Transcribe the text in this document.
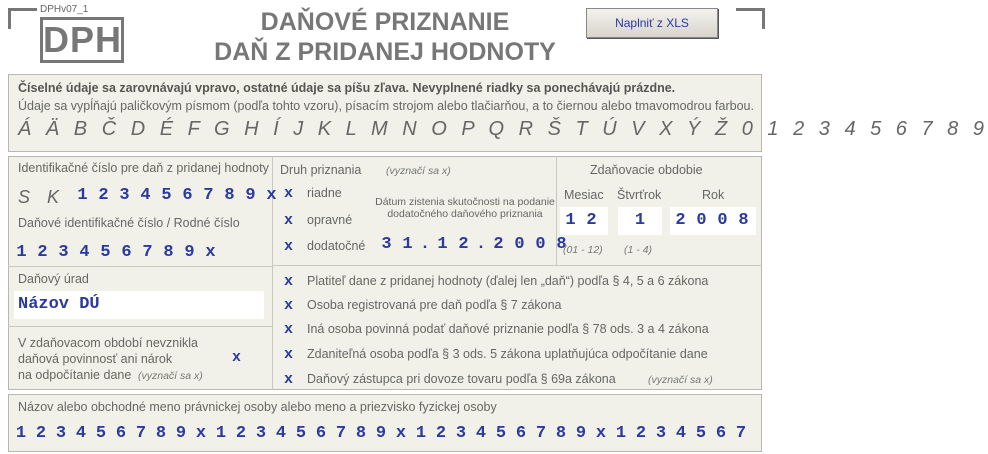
DPHv07_1
DPH	DAŇOVÉ PRIZNANIE
DAŇ Z PRIDANEJ HODNOTY
Naplniť z XLS
Číselné údaje sa zarovnávajú vpravo, ostatné údaje sa píšu zľava. Nevyplnené riadky sa ponechávajú prázdne.
Údaje sa vypĺňajú paličkovým písmom (podľa tohto vzoru), písacím strojom alebo tlačiarňou, a to čiernou alebo tmavomodrou farbou.
Á Ä B Č D É F G H Í J K L M N O P Q R Š T Ú V X Ý Ž 0 1 2 3 4 5 6 7 8 9
Identifikačné číslo pre daň z pridanej hodnoty
S K 1 2 3 4 5 6 7 8 9 x
Daňové identifikačné číslo / Rodné číslo
1 2 3 4 5 6 7 8 9 x
Daňový úrad
Názov DÚ
V zdaňovacom období nevznikla
daňová povinnosť ani nárok
na odpočítanie dane (vyznačí sa x)
x
Druh priznania (vyznačí sa x)
x riadne
x opravné
x dodatočné
Dátum zistenia skutočnosti na podanie dodatočného daňového priznania
3 1 . 1 2 . 2 0 0 8
Zdaňovacie obdobie
Mesiac Štvrťrok	Rok
1 2	1	2 0 0 8
(01 - 12) (1 - 4)
x Platiteľ dane z pridanej hodnoty (ďalej len „daň“) podľa § 4, 5 a 6 zákona
x Osoba registrovaná pre daň podľa § 7 zákona
x Iná osoba povinná podať daňové priznanie podľa § 78 ods. 3 a 4 zákona
x Zdaniteľná osoba podľa § 3 ods. 5 zákona uplatňujúca odpočítanie dane
x Daňový zástupca pri dovoze tovaru podľa § 69a zákona	(vyznačí sa x)
Názov alebo obchodné meno právnickej osoby alebo meno a priezvisko fyzickej osoby
1 2 3 4 5 6 7 8 9 x 1 2 3 4 5 6 7 8 9 x 1 2 3 4 5 6 7 8 9 x 1 2 3 4 5 6 7
